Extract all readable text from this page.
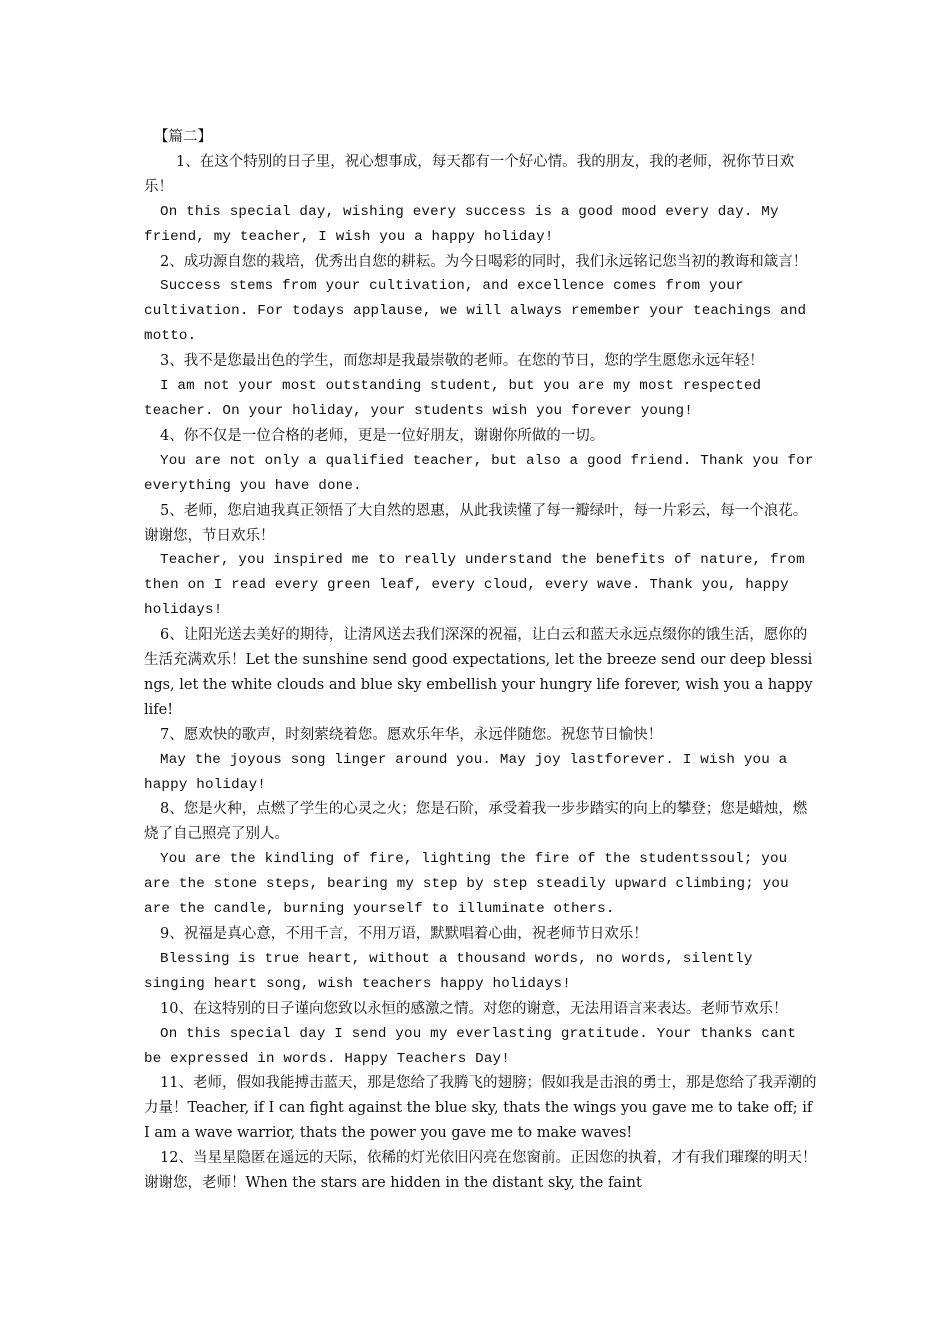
【篇二】

1、在这个特别的日子里，祝心想事成，每天都有一个好心情。我的朋友，我的老师，祝你节日欢乐！

On this special day, wishing every success is a good mood every day. My friend, my teacher, I wish you a happy holiday!

2、成功源自您的栽培，优秀出自您的耕耘。为今日喝彩的同时，我们永远铭记您当初的教诲和箴言！

Success stems from your cultivation, and excellence comes from your cultivation. For todays applause, we will always remember your teachings and motto.

3、我不是您最出色的学生，而您却是我最崇敬的老师。在您的节日，您的学生愿您永远年轻！

I am not your most outstanding student, but you are my most respected teacher. On your holiday, your students wish you forever young!

4、你不仅是一位合格的老师，更是一位好朋友，谢谢你所做的一切。

You are not only a qualified teacher, but also a good friend. Thank you for everything you have done.

5、老师，您启迪我真正领悟了大自然的恩惠，从此我读懂了每一瓣绿叶，每一片彩云，每一个浪花。谢谢您，节日欢乐！

Teacher, you inspired me to really understand the benefits of nature, from then on I read every green leaf, every cloud, every wave. Thank you, happy holidays!

6、让阳光送去美好的期待，让清风送去我们深深的祝福，让白云和蓝天永远点缀你的饿生活，愿你的生活充满欢乐！Let the sunshine send good expectations, let the breeze send our deep blessings, let the white clouds and blue sky embellish your hungry life forever, wish you a happy life!

7、愿欢快的歌声，时刻萦绕着您。愿欢乐年华，永远伴随您。祝您节日愉快！

May the joyous song linger around you. May joy lastforever. I wish you a happy holiday!

8、您是火种，点燃了学生的心灵之火；您是石阶，承受着我一步步踏实的向上的攀登；您是蜡烛，燃烧了自己照亮了别人。

You are the kindling of fire, lighting the fire of the studentssoul; you are the stone steps, bearing my step by step steadily upward climbing; you are the candle, burning yourself to illuminate others.

9、祝福是真心意，不用千言，不用万语，默默唱着心曲，祝老师节日欢乐！

Blessing is true heart, without a thousand words, no words, silently singing heart song, wish teachers happy holidays!

10、在这特别的日子谨向您致以永恒的感激之情。对您的谢意，无法用语言来表达。老师节欢乐！

On this special day I send you my everlasting gratitude. Your thanks cant be expressed in words. Happy Teachers Day!

11、老师，假如我能搏击蓝天，那是您给了我腾飞的翅膀；假如我是击浪的勇士，那是您给了我弄潮的力量！Teacher, if I can fight against the blue sky, thats the wings you gave me to take off; if I am a wave warrior, thats the power you gave me to make waves!

12、当星星隐匿在遥远的天际，依稀的灯光依旧闪亮在您窗前。正因您的执着，才有我们璀璨的明天！谢谢您，老师！When the stars are hidden in the distant sky, the faint
